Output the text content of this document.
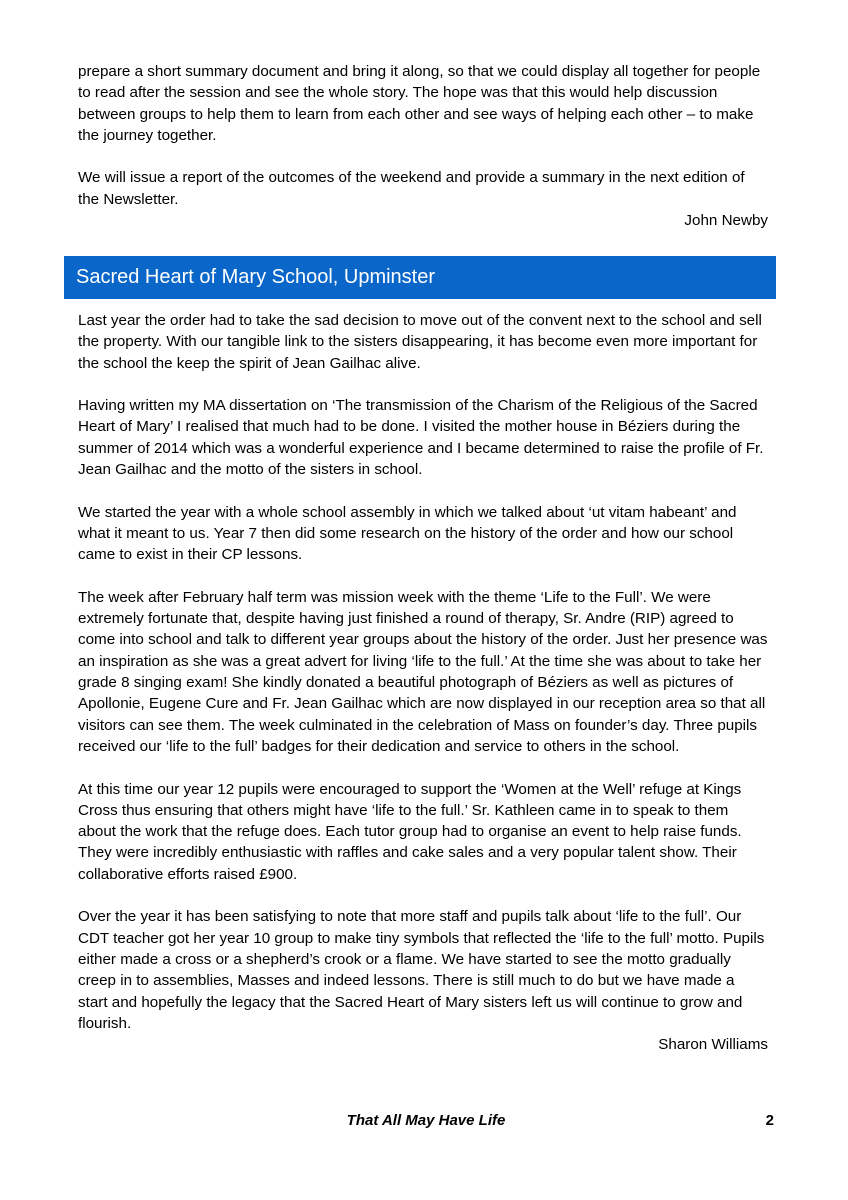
prepare a short summary document and bring it along, so that we could display all together for people to read after the session and see the whole story. The hope was that this would help discussion between groups to help them to learn from each other and see ways of helping each other – to make the journey together.

We will issue a report of the outcomes of the weekend and provide a summary in the next edition of the Newsletter.

John Newby

Sacred Heart of Mary School, Upminster

Last year the order had to take the sad decision to move out of the convent next to the school and sell the property. With our tangible link to the sisters disappearing, it has become even more important for the school the keep the spirit of Jean Gailhac alive.

Having written my MA dissertation on ‘The transmission of the Charism of the Religious of the Sacred Heart of Mary’ I realised that much had to be done. I visited the mother house in Béziers during the summer of 2014 which was a wonderful experience and I became determined to raise the profile of Fr. Jean Gailhac and the motto of the sisters in school.

We started the year with a whole school assembly in which we talked about ‘ut vitam habeant’ and what it meant to us. Year 7 then did some research on the history of the order and how our school came to exist in their CP lessons.

The week after February half term was mission week with the theme ‘Life to the Full’. We were extremely fortunate that, despite having just finished a round of therapy, Sr. Andre (RIP) agreed to come into school and talk to different year groups about the history of the order. Just her presence was an inspiration as she was a great advert for living ‘life to the full.’ At the time she was about to take her grade 8 singing exam! She kindly donated a beautiful photograph of Béziers as well as pictures of Apollonie, Eugene Cure and Fr. Jean Gailhac which are now displayed in our reception area so that all visitors can see them. The week culminated in the celebration of Mass on founder’s day. Three pupils received our ‘life to the full’ badges for their dedication and service to others in the school.

At this time our year 12 pupils were encouraged to support the ‘Women at the Well’ refuge at Kings Cross thus ensuring that others might have ‘life to the full.’ Sr. Kathleen came in to speak to them about the work that the refuge does. Each tutor group had to organise an event to help raise funds. They were incredibly enthusiastic with raffles and cake sales and a very popular talent show. Their collaborative efforts raised £900.

Over the year it has been satisfying to note that more staff and pupils talk about ‘life to the full’. Our CDT teacher got her year 10 group to make tiny symbols that reflected the ‘life to the full’ motto. Pupils either made a cross or a shepherd’s crook or a flame. We have started to see the motto gradually creep in to assemblies, Masses and indeed lessons. There is still much to do but we have made a start and hopefully the legacy that the Sacred Heart of Mary sisters left us will continue to grow and flourish.

Sharon Williams

That All May Have Life	2
